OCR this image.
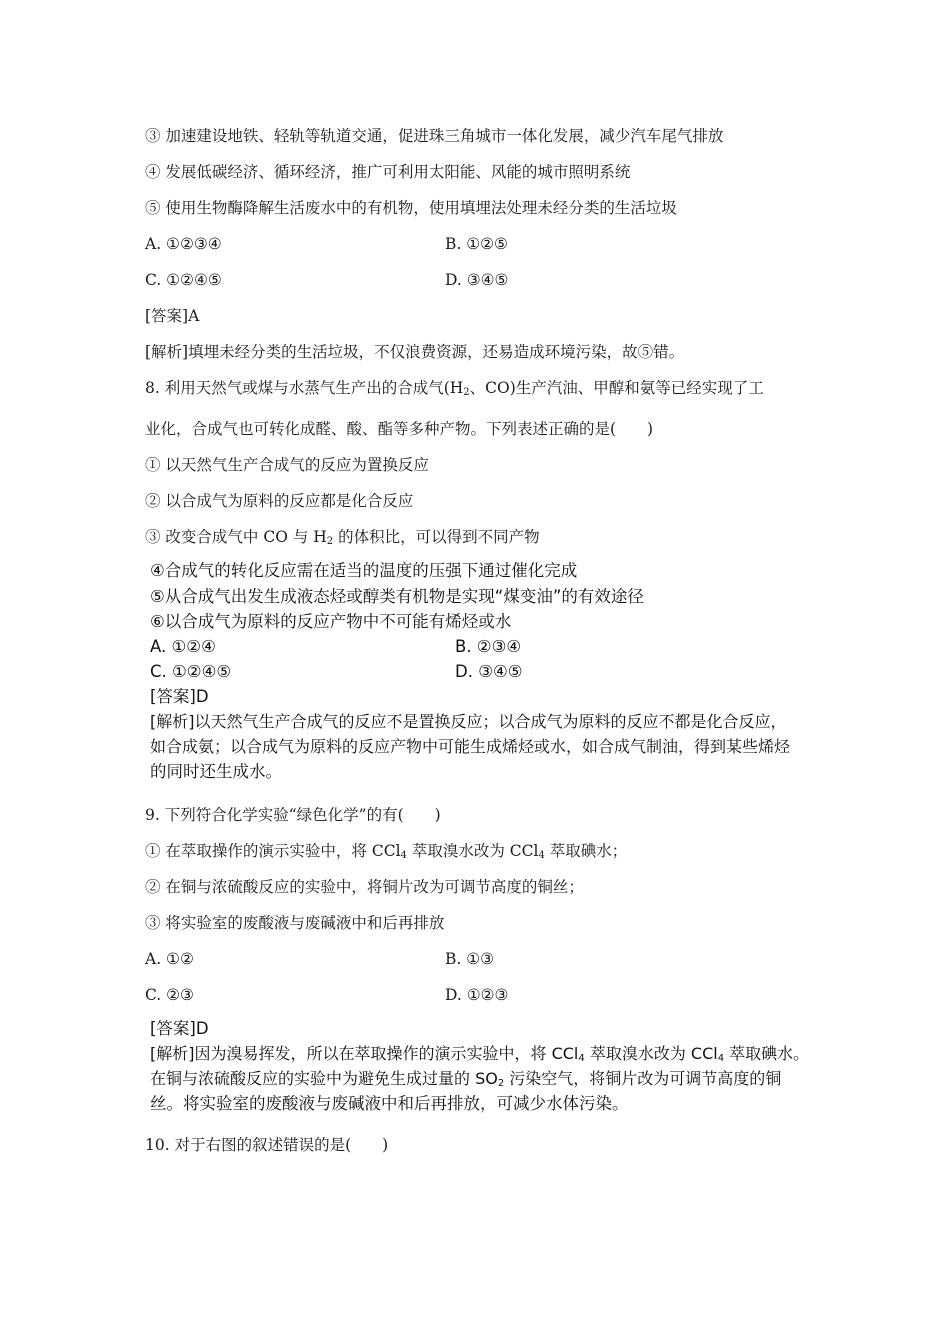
③ 加速建设地铁、轻轨等轨道交通，促进珠三角城市一体化发展，减少汽车尾气排放
④ 发展低碳经济、循环经济，推广可利用太阳能、风能的城市照明系统
⑤ 使用生物酶降解生活废水中的有机物，使用填埋法处理未经分类的生活垃圾
A. ①②③④	B. ①②⑤
C. ①②④⑤	D. ③④⑤
[答案]A
[解析]填埋未经分类的生活垃圾，不仅浪费资源，还易造成环境污染，故⑤错。
8. 利用天然气或煤与水蒸气生产出的合成气($H_2$、CO)生产汽油、甲醇和氨等已经实现了工
业化，合成气也可转化成醛、酸、酯等多种产物。下列表述正确的是(　　)
① 以天然气生产合成气的反应为置换反应
② 以合成气为原料的反应都是化合反应
③ 改变合成气中 CO 与 $H_2$ 的体积比，可以得到不同产物
④合成气的转化反应需在适当的温度的压强下通过催化完成
⑤从合成气出发生成液态烃或醇类有机物是实现“煤变油”的有效途径
⑥以合成气为原料的反应产物中不可能有烯烃或水
A. ①②④	B. ②③④
C. ①②④⑤	D. ③④⑤
[答案]D
[解析]以天然气生产合成气的反应不是置换反应；以合成气为原料的反应不都是化合反应，
如合成氨；以合成气为原料的反应产物中可能生成烯烃或水，如合成气制油，得到某些烯烃
的同时还生成水。
9. 下列符合化学实验“绿色化学”的有(　　)
① 在萃取操作的演示实验中，将 CCl$_4$ 萃取溴水改为 CCl$_4$ 萃取碘水；
② 在铜与浓硫酸反应的实验中，将铜片改为可调节高度的铜丝；
③ 将实验室的废酸液与废碱液中和后再排放
A. ①②	B. ①③
C. ②③	D. ①②③
[答案]D
[解析]因为溴易挥发，所以在萃取操作的演示实验中，将 CCl$_4$ 萃取溴水改为 CCl$_4$ 萃取碘水。
在铜与浓硫酸反应的实验中为避免生成过量的 $SO_2$ 污染空气，将铜片改为可调节高度的铜
丝。将实验室的废酸液与废碱液中和后再排放，可减少水体污染。
10. 对于右图的叙述错误的是(　　)
